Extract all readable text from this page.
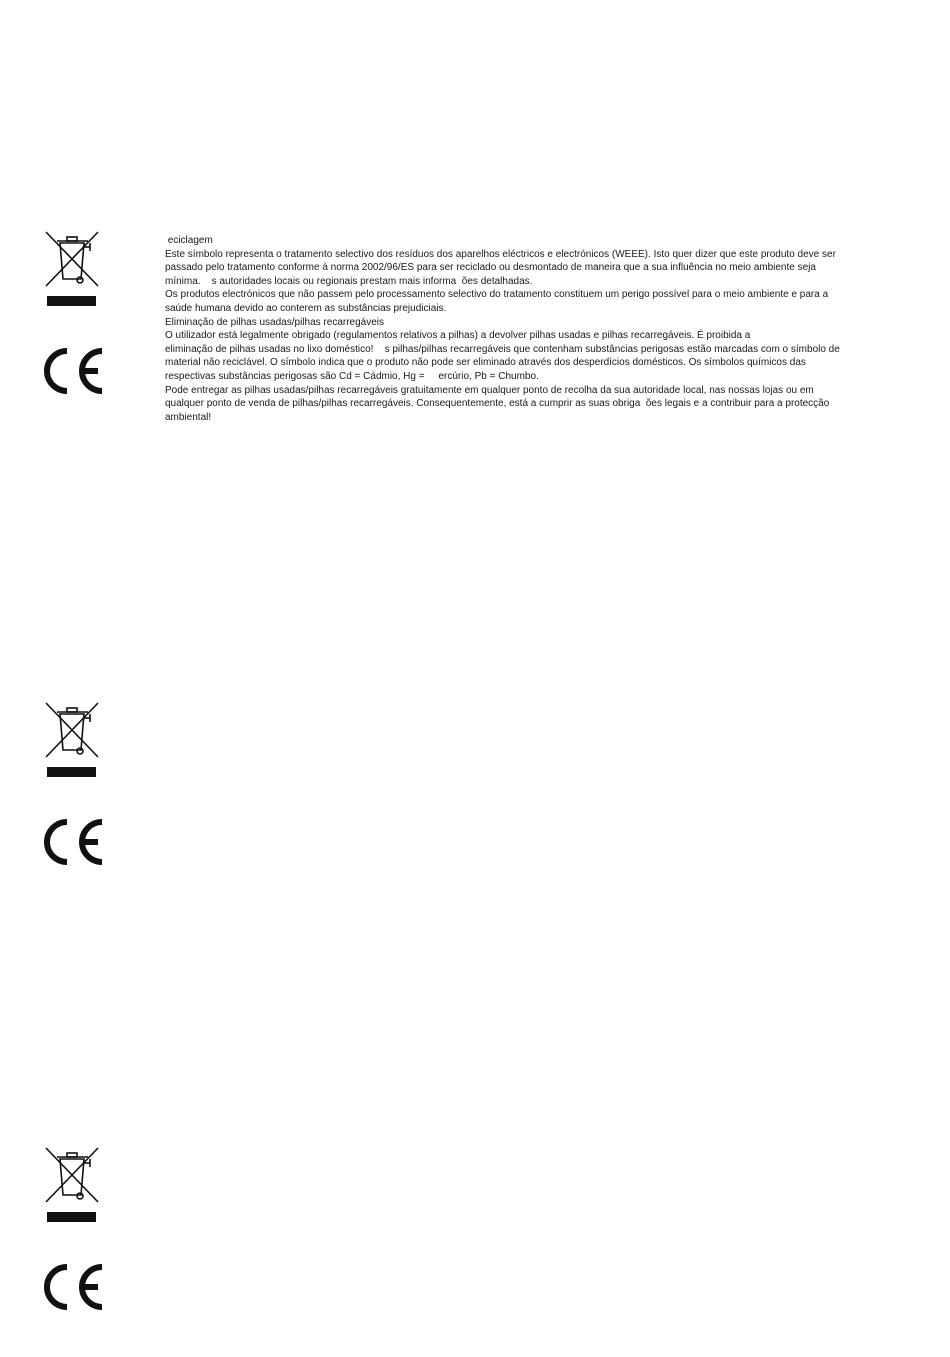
eciclagem

Este símbolo representa o tratamento selectivo dos resíduos dos aparelhos eléctricos e electrónicos (WEEE). Isto quer dizer que este produto deve ser

passado pelo tratamento conforme à norma 2002/96/ES para ser reciclado ou desmontado de maneira que a sua influência no meio ambiente seja

mínima.    s autoridades locais ou regionais prestam mais informa  ões detalhadas.

Os produtos electrónicos que não passem pelo processamento selectivo do tratamento constituem um perigo possível para o meio ambiente e para a

saúde humana devido ao conterem as substâncias prejudiciais.

Eliminação de pilhas usadas/pilhas recarregáveis

O utilizador está legalmente obrigado (regulamentos relativos a pilhas) a devolver pilhas usadas e pilhas recarregáveis. É proibida a

eliminação de pilhas usadas no lixo doméstico!    s pilhas/pilhas recarregáveis que contenham substâncias perigosas estão marcadas com o símbolo de

material não reciclável. O símbolo indica que o produto não pode ser eliminado através dos desperdícios domésticos. Os símbolos químicos das

respectivas substâncias perigosas são Cd = Cádmio, Hg =     ercúrio, Pb = Chumbo.

Pode entregar as pilhas usadas/pilhas recarregáveis gratuitamente em qualquer ponto de recolha da sua autoridade local, nas nossas lojas ou em

qualquer ponto de venda de pilhas/pilhas recarregáveis. Consequentemente, está a cumprir as suas obriga  ões legais e a contribuir para a protecção

ambiental!
